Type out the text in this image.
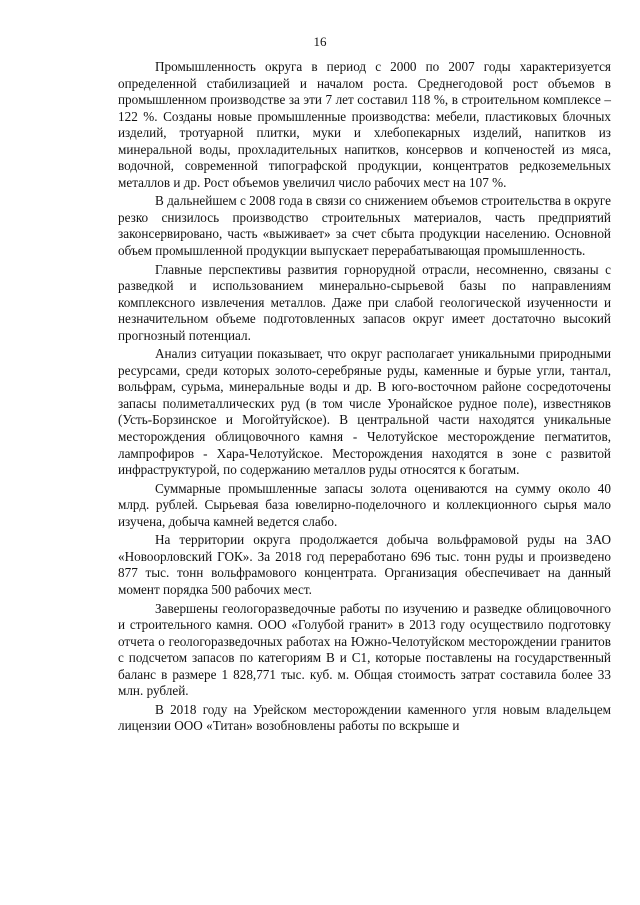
16

Промышленность округа в период с 2000 по 2007 годы характеризуется определенной стабилизацией и началом роста. Среднегодовой рост объемов в промышленном производстве за эти 7 лет составил 118 %, в строительном комплексе – 122 %. Созданы новые промышленные производства: мебели, пластиковых блочных изделий, тротуарной плитки, муки и хлебопекарных изделий, напитков из минеральной воды, прохладительных напитков, консервов и копченостей из мяса, водочной, современной типографской продукции, концентратов редкоземельных металлов и др. Рост объемов увеличил число рабочих мест на 107 %.

В дальнейшем с 2008 года в связи со снижением объемов строительства в округе резко снизилось производство строительных материалов, часть предприятий законсервировано, часть «выживает» за счет сбыта продукции населению. Основной объем промышленной продукции выпускает перерабатывающая промышленность.

Главные перспективы развития горнорудной отрасли, несомненно, связаны с разведкой и использованием минерально-сырьевой базы по направлениям комплексного извлечения металлов. Даже при слабой геологической изученности и незначительном объеме подготовленных запасов округ имеет достаточно высокий прогнозный потенциал.

Анализ ситуации показывает, что округ располагает уникальными природными ресурсами, среди которых золото-серебряные руды, каменные и бурые угли, тантал, вольфрам, сурьма, минеральные воды и др. В юго-восточном районе сосредоточены запасы полиметаллических руд (в том числе Уронайское рудное поле), известняков (Усть-Борзинское и Могойтуйское). В центральной части находятся уникальные месторождения облицовочного камня - Челотуйское месторождение пегматитов, лампрофиров - Хара-Челотуйское. Месторождения находятся в зоне с развитой инфраструктурой, по содержанию металлов руды относятся к богатым.

Суммарные промышленные запасы золота оцениваются на сумму около 40 млрд. рублей. Сырьевая база ювелирно-поделочного и коллекционного сырья мало изучена, добыча камней ведется слабо.

На территории округа продолжается добыча вольфрамовой руды на ЗАО «Новоорловский ГОК». За 2018 год переработано 696 тыс. тонн руды и произведено 877 тыс. тонн вольфрамового концентрата. Организация обеспечивает на данный момент порядка 500 рабочих мест.

Завершены геологоразведочные работы по изучению и разведке облицовочного и строительного камня. ООО «Голубой гранит» в 2013 году осуществило подготовку отчета о геологоразведочных работах на Южно-Челотуйском месторождении гранитов с подсчетом запасов по категориям В и С1, которые поставлены на государственный баланс в размере 1 828,771 тыс. куб. м. Общая стоимость затрат составила более 33 млн. рублей.

В 2018 году на Урейском месторождении каменного угля новым владельцем лицензии ООО «Титан» возобновлены работы по вскрыше и
